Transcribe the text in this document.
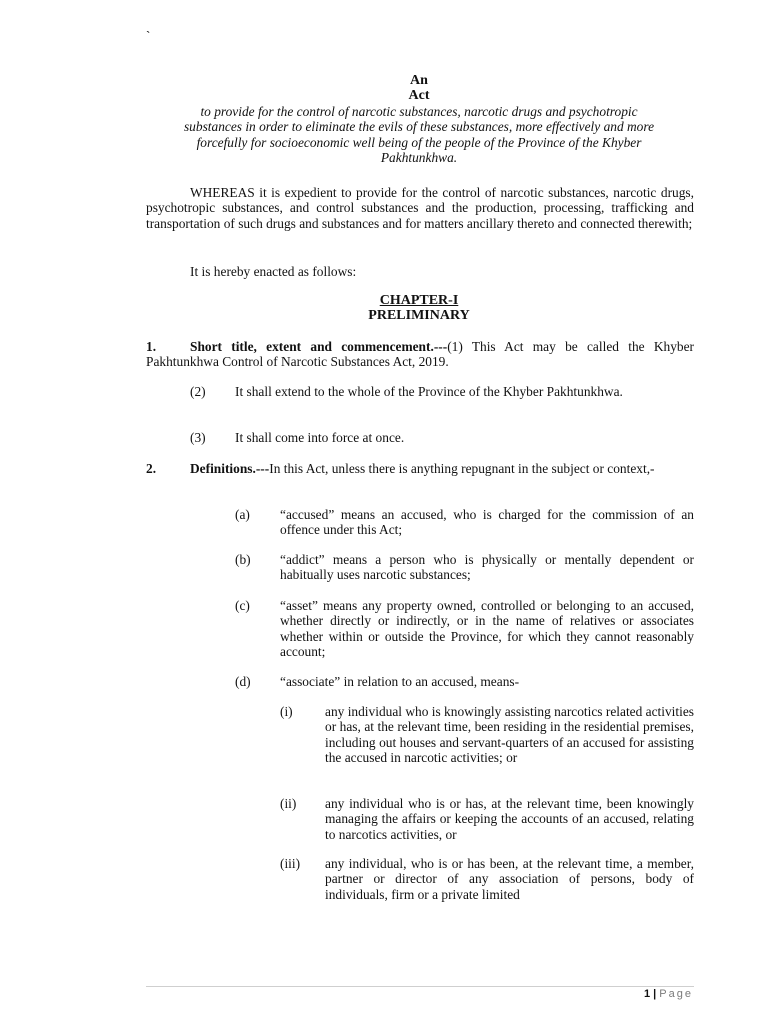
`
An
Act
to provide for the control of narcotic substances, narcotic drugs and psychotropic substances in order to eliminate the evils of these substances, more effectively and more forcefully for socioeconomic well being of the people of the Province of the Khyber Pakhtunkhwa.
WHEREAS it is expedient to provide for the control of narcotic substances, narcotic drugs, psychotropic substances, and control substances and the production, processing, trafficking and transportation of such drugs and substances and for matters ancillary thereto and connected therewith;
It is hereby enacted as follows:
CHAPTER-I
PRELIMINARY
1.	Short title, extent and commencement.---(1) This Act may be called the Khyber Pakhtunkhwa Control of Narcotic Substances Act, 2019.
(2)	It shall extend to the whole of the Province of the Khyber Pakhtunkhwa.
(3) It shall come into force at once.
2.	Definitions.---In this Act, unless there is anything repugnant in the subject or context,-
(a) “accused” means an accused, who is charged for the commission of an offence under this Act;
(b) “addict” means a person who is physically or mentally dependent or habitually uses narcotic substances;
(c) “asset” means any property owned, controlled or belonging to an accused, whether directly or indirectly, or in the name of relatives or associates whether within or outside the Province, for which they cannot reasonably account;
(d) “associate” in relation to an accused, means-
(i) any individual who is knowingly assisting narcotics related activities or has, at the relevant time, been residing in the residential premises, including out houses and servant-quarters of an accused for assisting the accused in narcotic activities; or
(ii) any individual who is or has, at the relevant time, been knowingly managing the affairs or keeping the accounts of an accused, relating to narcotics activities, or
(iii) any individual, who is or has been, at the relevant time, a member, partner or director of any association of persons, body of individuals, firm or a private limited
1 | Page
